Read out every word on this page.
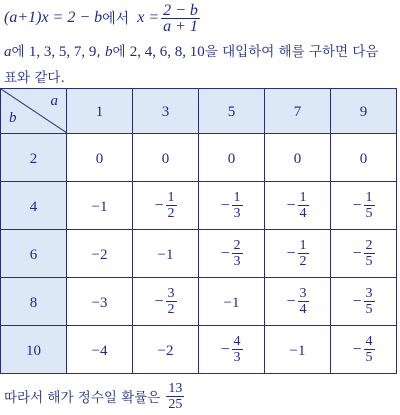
(a+1)x = 2 − b 에서 $x = \frac{2 - b}{a + 1}$
a에 1, 3, 5, 7, 9, b에 2, 4, 6, 8, 10을 대입하여 해를 구하면 다음
표와 같다.
a
b	1	3	5	7	9
2	0	0	0	0	0
4	−1	− $\frac{1}{2}$	− $\frac{1}{3}$	− $\frac{1}{4}$	− $\frac{1}{5}$

6	−2	−1	− $\frac{2}{3}$	− $\frac{1}{2}$	− $\frac{2}{5}$

8	−3	− $\frac{3}{2}$	−1	− $\frac{3}{4}$	− $\frac{3}{5}$

10	−4	−2	− $\frac{4}{3}$	−1	− $\frac{4}{5}$
따라서 해가 정수일 확률은 $\frac{13}{25}$
